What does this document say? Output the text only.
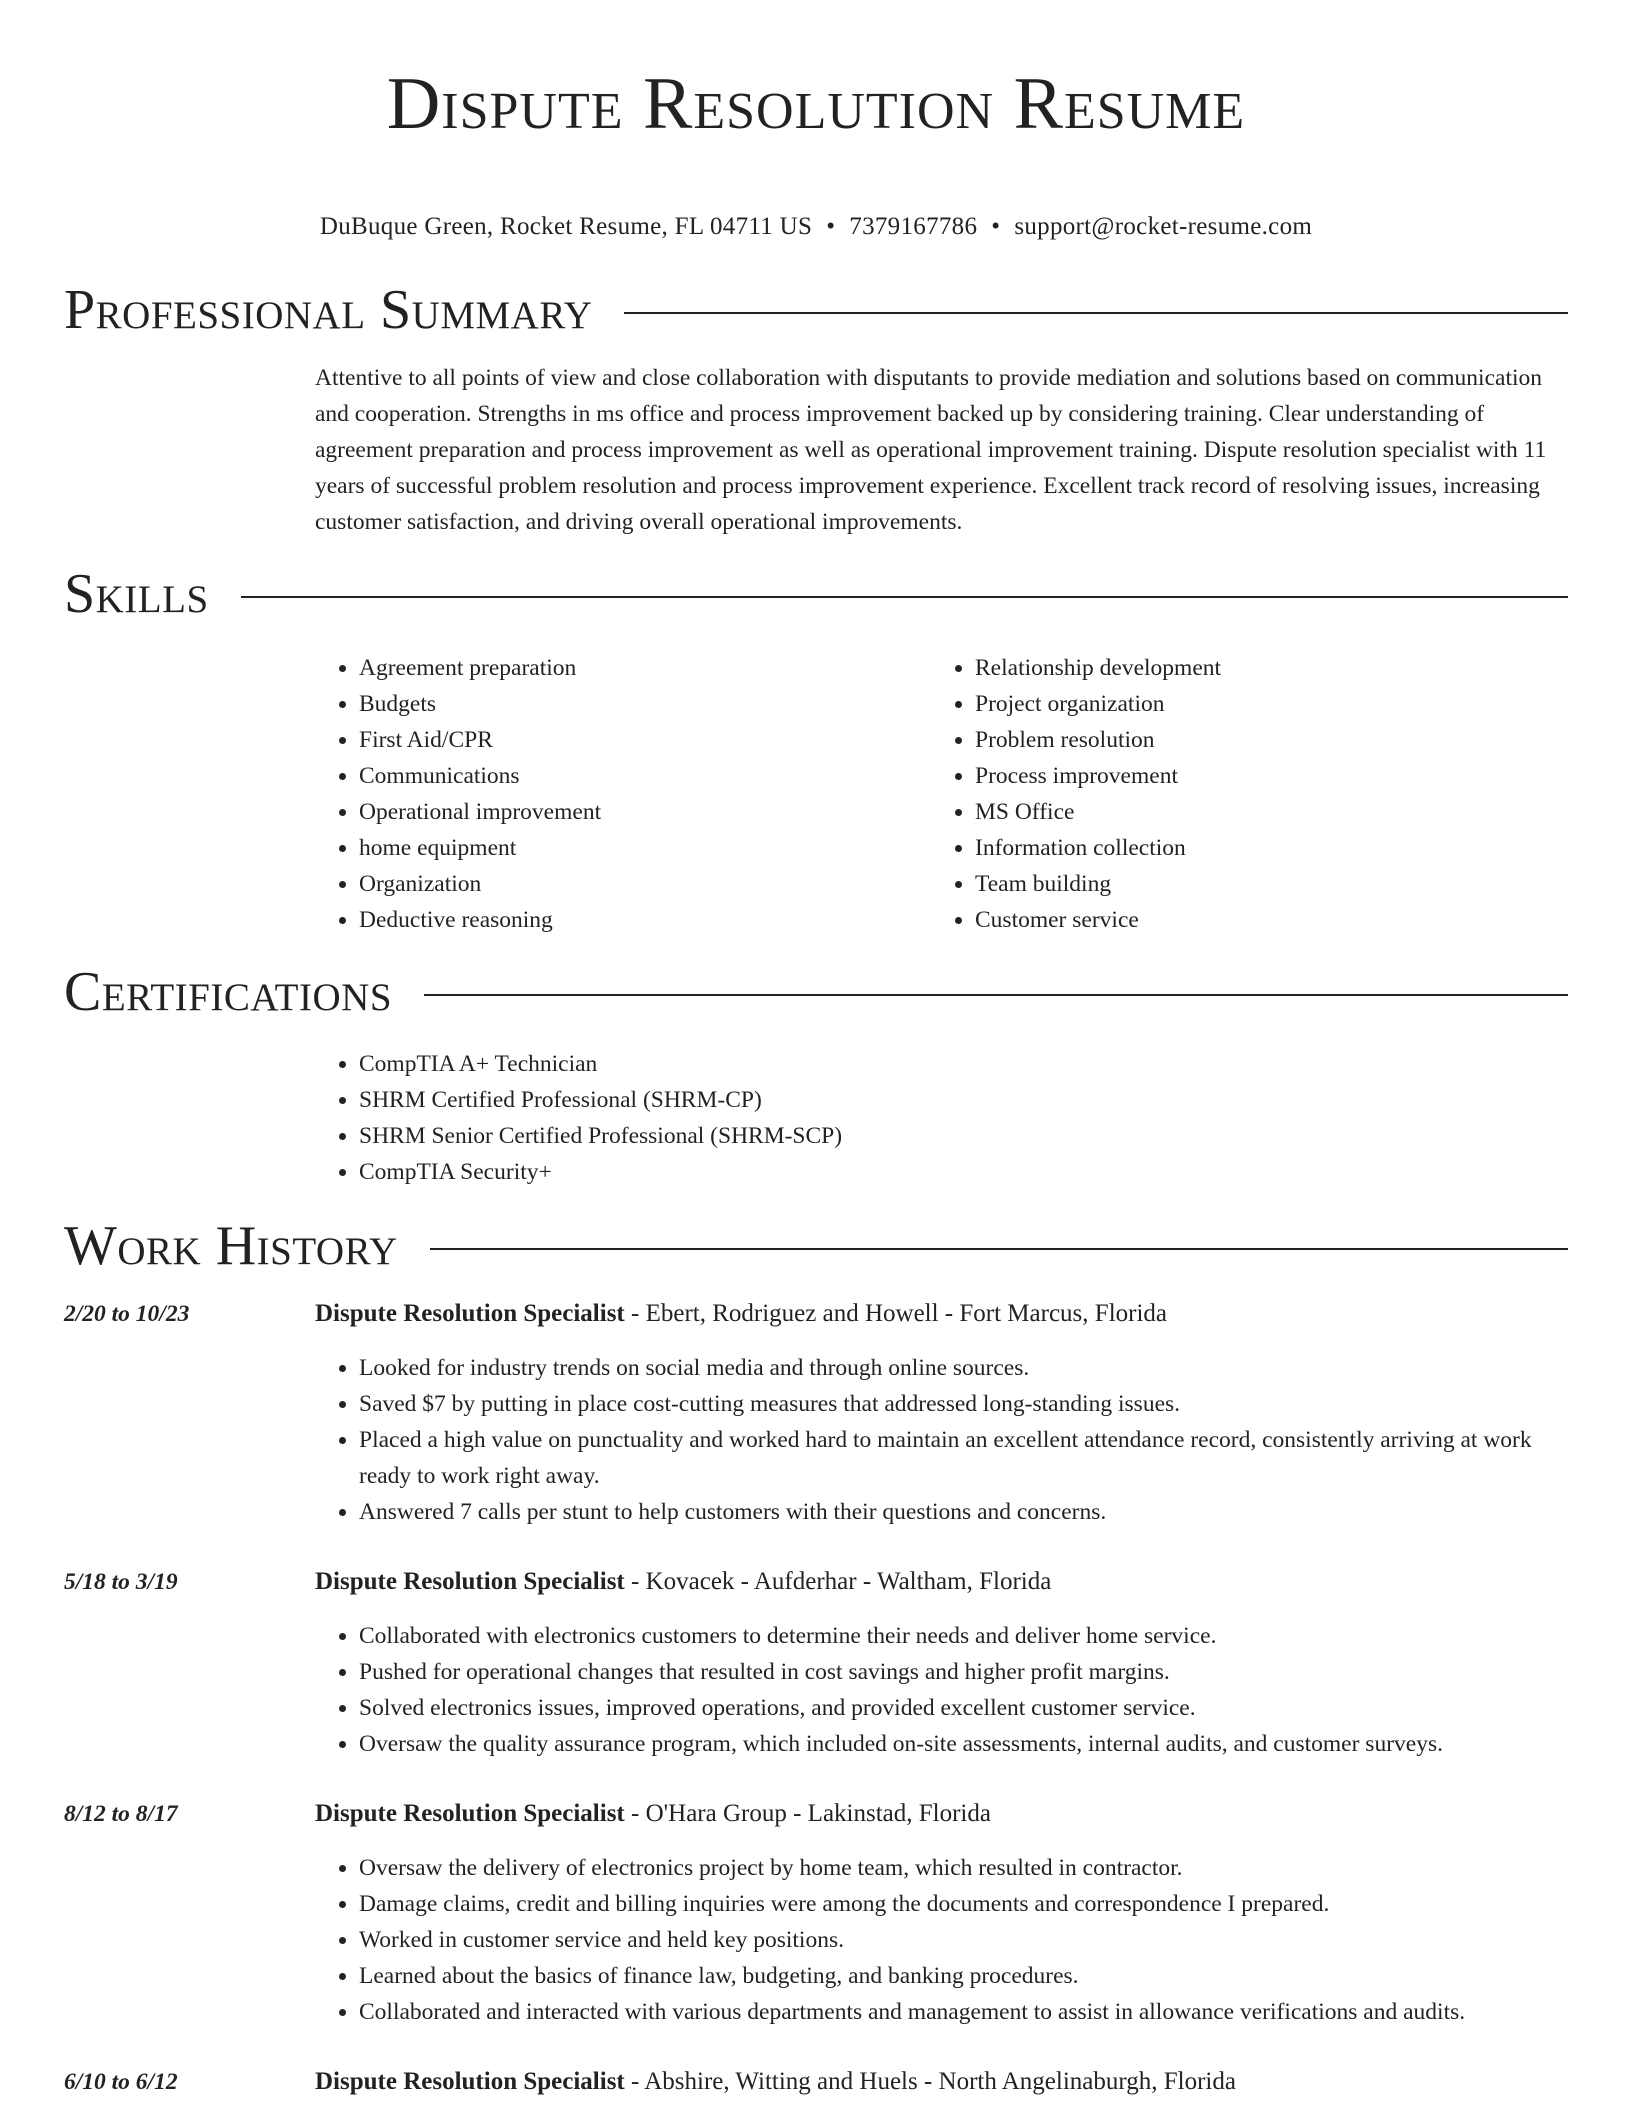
Dispute Resolution Resume
DuBuque Green, Rocket Resume, FL 04711 US • 7379167786 • support@rocket-resume.com
Professional Summary
Attentive to all points of view and close collaboration with disputants to provide mediation and solutions based on communication and cooperation. Strengths in ms office and process improvement backed up by considering training. Clear understanding of agreement preparation and process improvement as well as operational improvement training. Dispute resolution specialist with 11 years of successful problem resolution and process improvement experience. Excellent track record of resolving issues, increasing customer satisfaction, and driving overall operational improvements.
Skills
• Agreement preparation
• Budgets
• First Aid/CPR
• Communications
• Operational improvement
• home equipment
• Organization
• Deductive reasoning
• Relationship development
• Project organization
• Problem resolution
• Process improvement
• MS Office
• Information collection
• Team building
• Customer service
Certifications
• CompTIA A+ Technician
• SHRM Certified Professional (SHRM-CP)
• SHRM Senior Certified Professional (SHRM-SCP)
• CompTIA Security+
Work History
2/20 to 10/23	Dispute Resolution Specialist - Ebert, Rodriguez and Howell - Fort Marcus, Florida
• Looked for industry trends on social media and through online sources.
• Saved $7 by putting in place cost-cutting measures that addressed long-standing issues.
• Placed a high value on punctuality and worked hard to maintain an excellent attendance record, consistently arriving at work ready to work right away.
• Answered 7 calls per stunt to help customers with their questions and concerns.
5/18 to 3/19	Dispute Resolution Specialist - Kovacek - Aufderhar - Waltham, Florida
• Collaborated with electronics customers to determine their needs and deliver home service.
• Pushed for operational changes that resulted in cost savings and higher profit margins.
• Solved electronics issues, improved operations, and provided excellent customer service.
• Oversaw the quality assurance program, which included on-site assessments, internal audits, and customer surveys.
8/12 to 8/17	Dispute Resolution Specialist - O'Hara Group - Lakinstad, Florida
• Oversaw the delivery of electronics project by home team, which resulted in contractor.
• Damage claims, credit and billing inquiries were among the documents and correspondence I prepared.
• Worked in customer service and held key positions.
• Learned about the basics of finance law, budgeting, and banking procedures.
• Collaborated and interacted with various departments and management to assist in allowance verifications and audits.
6/10 to 6/12	Dispute Resolution Specialist - Abshire, Witting and Huels - North Angelinaburgh, Florida
